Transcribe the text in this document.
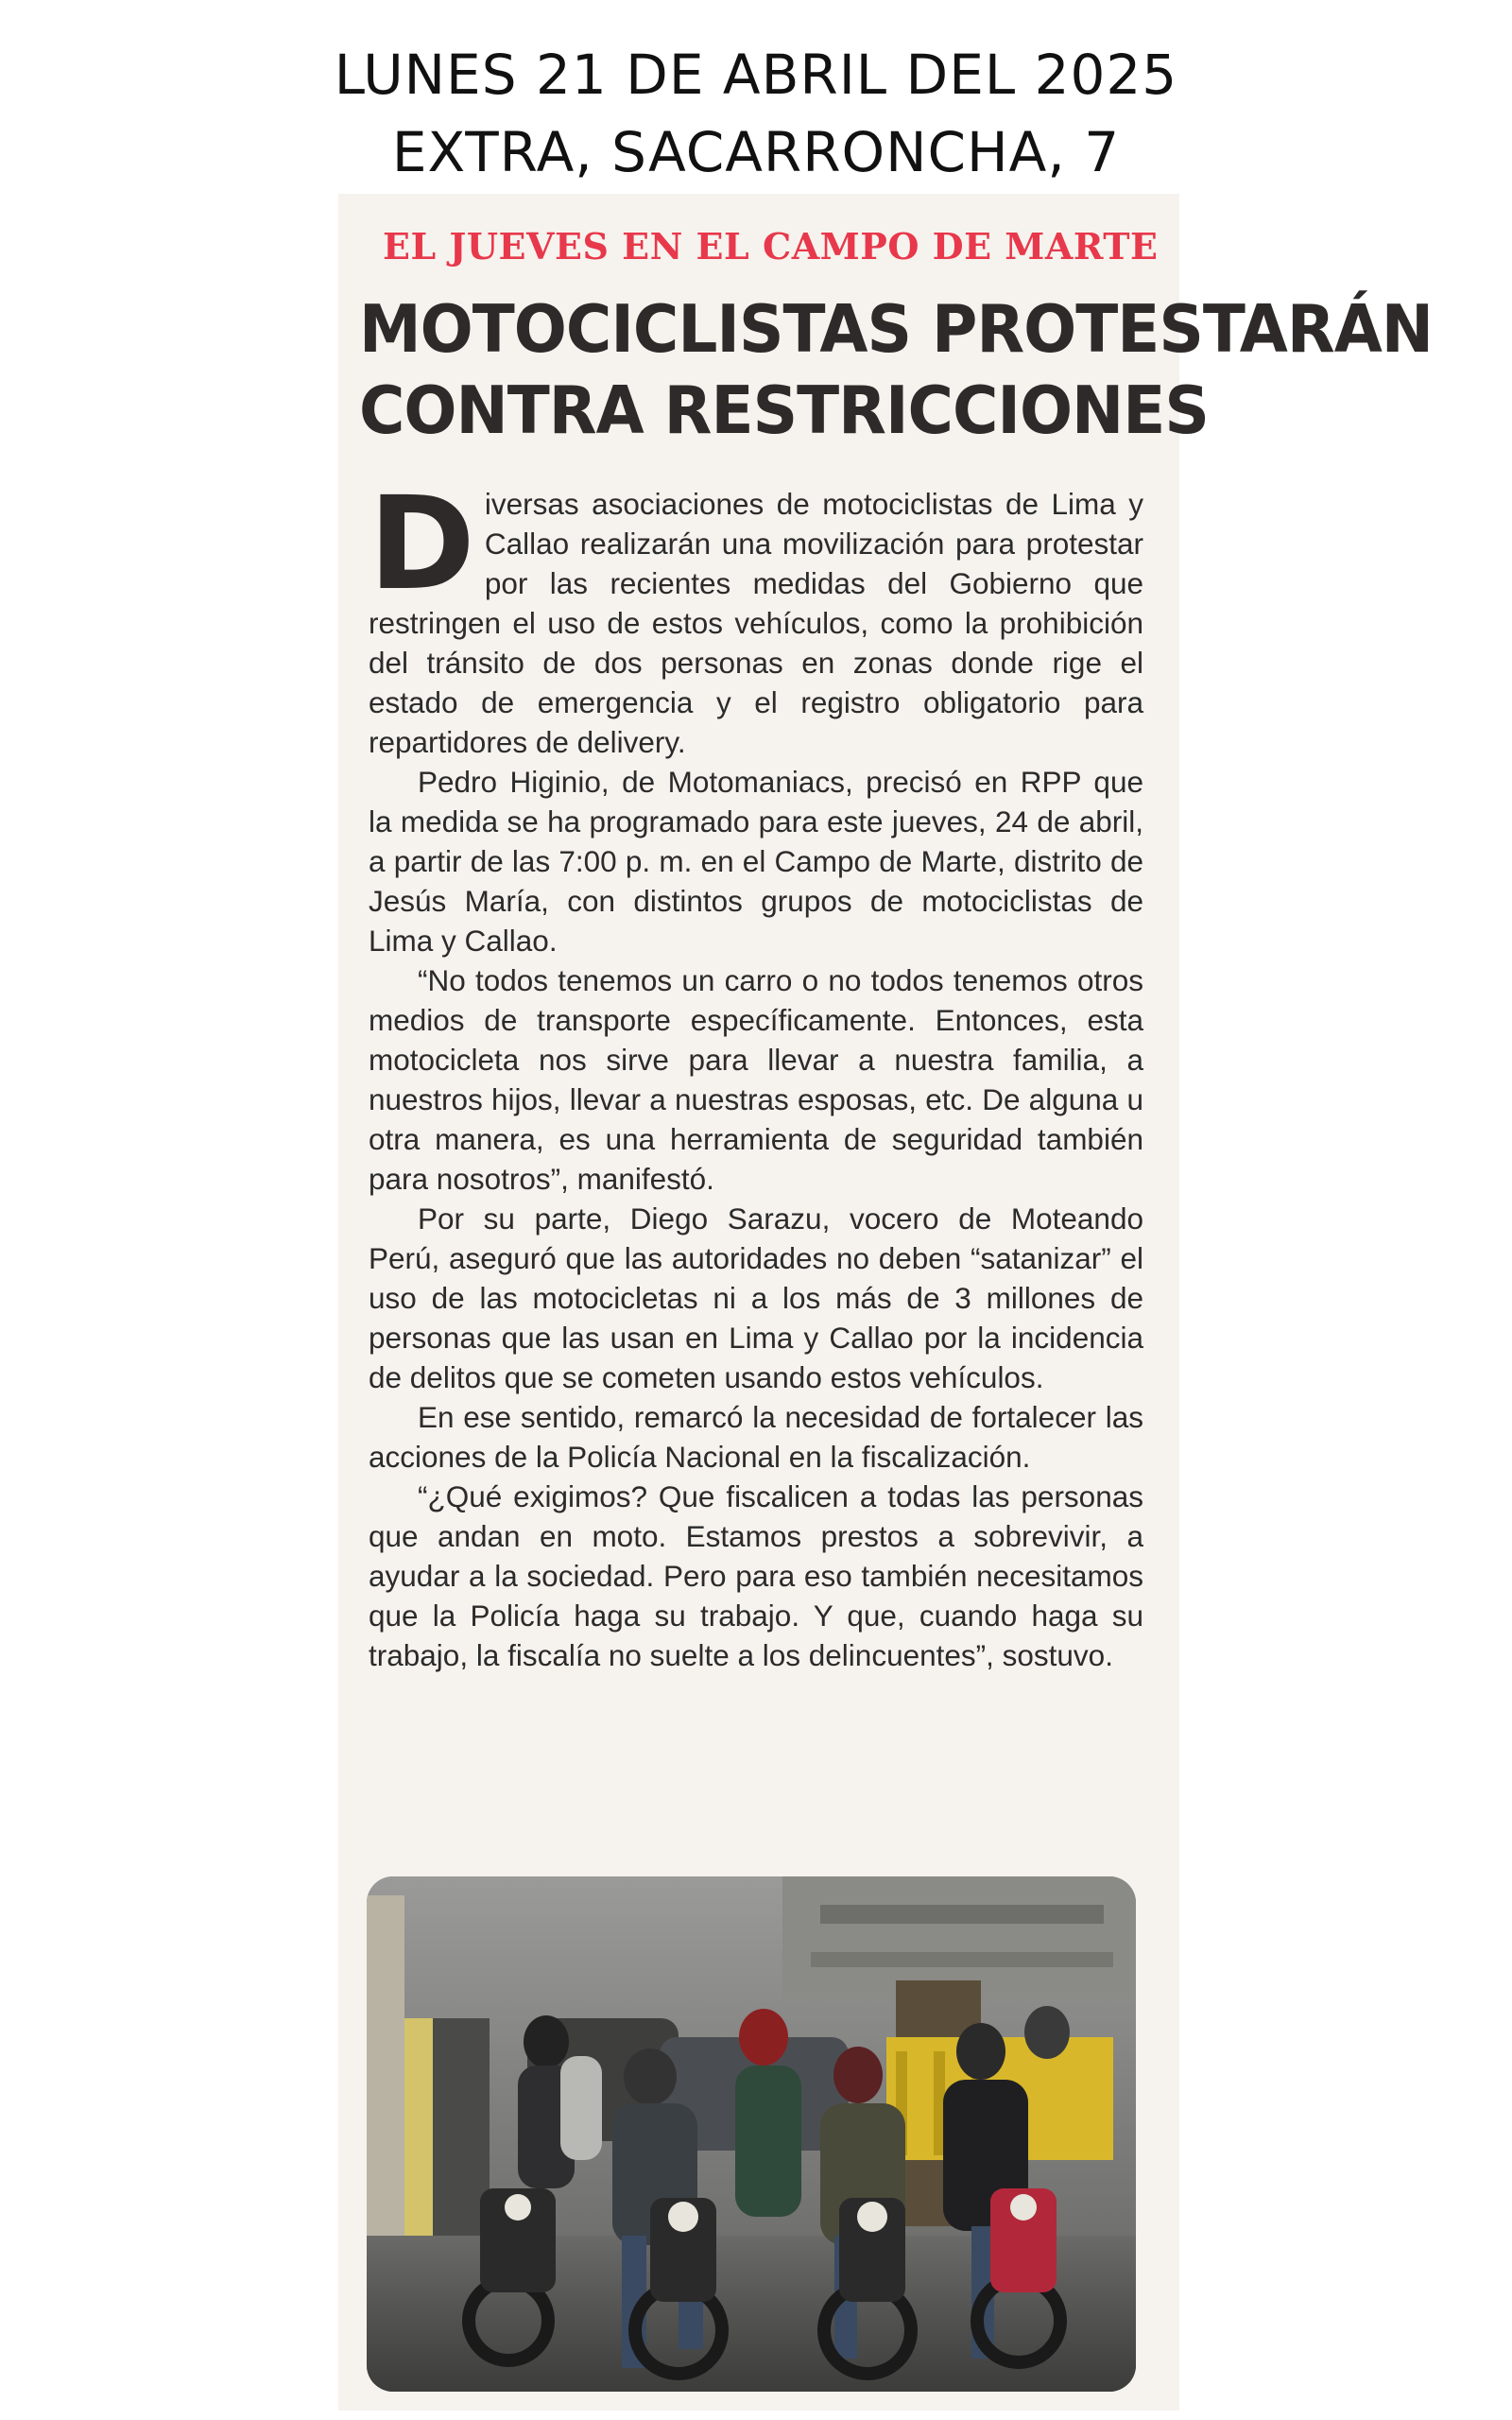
LUNES 21 DE ABRIL DEL 2025
EXTRA, SACARRONCHA, 7
EL JUEVES EN EL CAMPO DE MARTE
MOTOCICLISTAS PROTESTARÁN
CONTRA RESTRICCIONES

Diversas asociaciones de motociclistas de Lima y Callao realizarán una movilización para protestar por las recientes medidas del Gobierno que restringen el uso de estos vehículos, como la prohibición del tránsito de dos personas en zonas donde rige el estado de emergencia y el registro obligatorio para repartidores de delivery.

Pedro Higinio, de Motomaniacs, precisó en RPP que la medida se ha programado para este jueves, 24 de abril, a partir de las 7:00 p. m. en el Campo de Marte, distrito de Jesús María, con distintos grupos de motociclistas de Lima y Callao.

“No todos tenemos un carro o no todos tenemos otros medios de transporte específicamente. Entonces, esta motocicleta nos sirve para llevar a nuestra familia, a nuestros hijos, llevar a nuestras esposas, etc. De alguna u otra manera, es una herramienta de seguridad también para nosotros”, manifestó.

Por su parte, Diego Sarazu, vocero de Moteando Perú, aseguró que las autoridades no deben “satanizar” el uso de las motocicletas ni a los más de 3 millones de personas que las usan en Lima y Callao por la incidencia de delitos que se cometen usando estos vehículos.

En ese sentido, remarcó la necesidad de fortalecer las acciones de la Policía Nacional en la fiscalización.

“¿Qué exigimos? Que fiscalicen a todas las personas que andan en moto. Estamos prestos a sobrevivir, a ayudar a la sociedad. Pero para eso también necesitamos que la Policía haga su trabajo. Y que, cuando haga su trabajo, la fiscalía no suelte a los delincuentes”, sostuvo.
